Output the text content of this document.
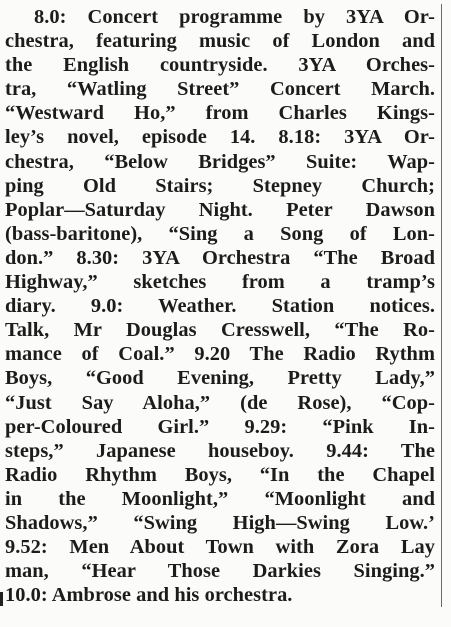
8.0: Concert programme by 3YA Or-
chestra, featuring music of London and
the English countryside. 3YA Orches-
tra, “Watling Street” Concert March.
“Westward Ho,” from Charles Kings-
ley’s novel, episode 14. 8.18: 3YA Or-
chestra, “Below Bridges” Suite: Wap-
ping Old Stairs; Stepney Church;
Poplar—Saturday Night. Peter Dawson
(bass-baritone), “Sing a Song of Lon-
don.” 8.30: 3YA Orchestra “The Broad
Highway,” sketches from a tramp’s
diary. 9.0: Weather. Station notices.
Talk, Mr Douglas Cresswell, “The Ro-
mance of Coal.” 9.20 The Radio Rythm
Boys, “Good Evening, Pretty Lady,”
“Just Say Aloha,” (de Rose), “Cop-
per-Coloured Girl.” 9.29: “Pink In-
steps,” Japanese houseboy. 9.44: The
Radio Rhythm Boys, “In the Chapel
in the Moonlight,” “Moonlight and
Shadows,” “Swing High—Swing Low.’
9.52: Men About Town with Zora Lay
man, “Hear Those Darkies Singing.”
10.0: Ambrose and his orchestra.
